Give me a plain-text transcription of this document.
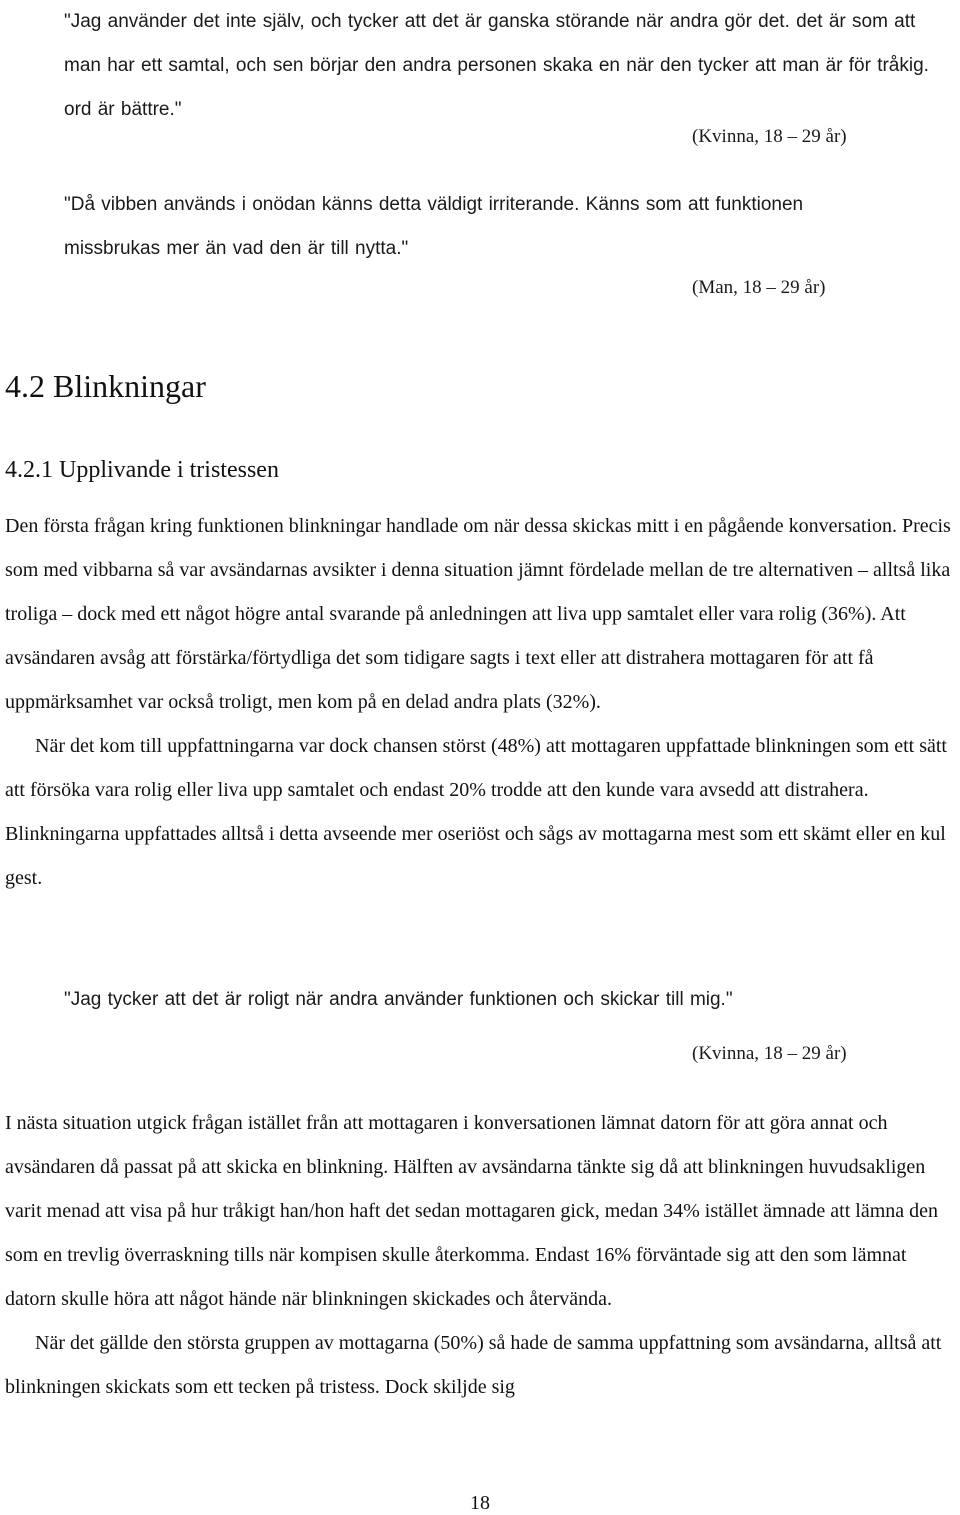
"Jag använder det inte själv, och tycker att det är ganska störande när andra gör det. det är som att man har ett samtal, och sen börjar den andra personen skaka en när den tycker att man är för tråkig. ord är bättre."
(Kvinna, 18 – 29 år)
"Då vibben används i onödan känns detta väldigt irriterande. Känns som att funktionen missbrukas mer än vad den är till nytta."
(Man, 18 – 29 år)
4.2 Blinkningar
4.2.1 Upplivande i tristessen

Den första frågan kring funktionen blinkningar handlade om när dessa skickas mitt i en pågående konversation. Precis som med vibbarna så var avsändarnas avsikter i denna situation jämnt fördelade mellan de tre alternativen – alltså lika troliga – dock med ett något högre antal svarande på anledningen att liva upp samtalet eller vara rolig (36%). Att avsändaren avsåg att förstärka/förtydliga det som tidigare sagts i text eller att distrahera mottagaren för att få uppmärksamhet var också troligt, men kom på en delad andra plats (32%).

När det kom till uppfattningarna var dock chansen störst (48%) att mottagaren uppfattade blinkningen som ett sätt att försöka vara rolig eller liva upp samtalet och endast 20% trodde att den kunde vara avsedd att distrahera. Blinkningarna uppfattades alltså i detta avseende mer oseriöst och sågs av mottagarna mest som ett skämt eller en kul gest.

"Jag tycker att det är roligt när andra använder funktionen och skickar till mig."
(Kvinna, 18 – 29 år)

I nästa situation utgick frågan istället från att mottagaren i konversationen lämnat datorn för att göra annat och avsändaren då passat på att skicka en blinkning. Hälften av avsändarna tänkte sig då att blinkningen huvudsakligen varit menad att visa på hur tråkigt han/hon haft det sedan mottagaren gick, medan 34% istället ämnade att lämna den som en trevlig överraskning tills när kompisen skulle återkomma. Endast 16% förväntade sig att den som lämnat datorn skulle höra att något hände när blinkningen skickades och återvända.

När det gällde den största gruppen av mottagarna (50%) så hade de samma uppfattning som avsändarna, alltså att blinkningen skickats som ett tecken på tristess. Dock skiljde sig

18
